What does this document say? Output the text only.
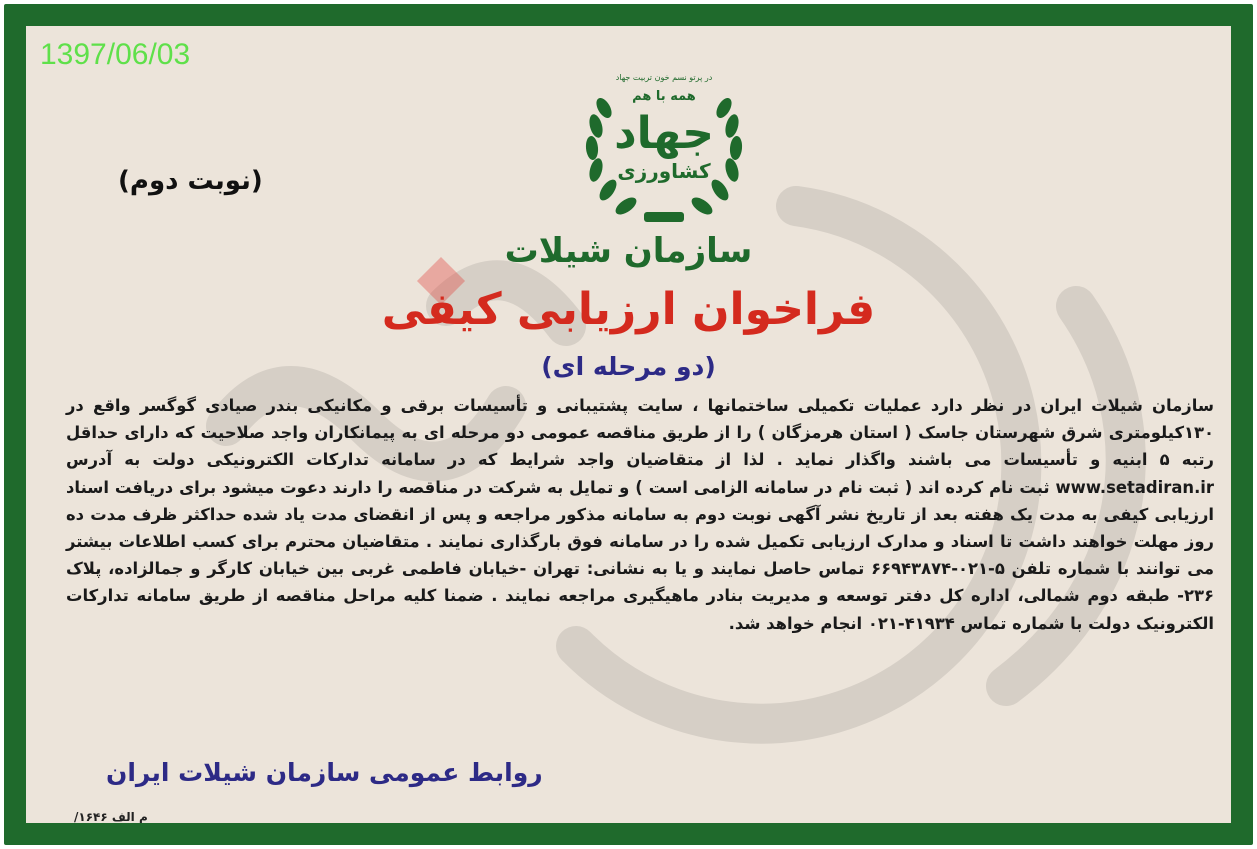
1397/06/03
در پرتو نسم خون تربیت جهاد
همه با هم
جهاد
کشاورزی
(نوبت دوم)
سازمان شیلات
فراخوان ارزیابی کیفی
(دو مرحله ای)
سازمان شیلات ایران در نظر دارد عملیات تکمیلی ساختمانها ، سایت پشتیبانی و تأسیسات برقی و مکانیکی بندر صیادی گوگسر واقع در ۱۳۰کیلومتری شرق شهرستان جاسک ( استان هرمزگان ) را از طریق مناقصه عمومی دو مرحله ای به پیمانکاران واجد صلاحیت که دارای حداقل رتبه ۵ ابنیه و تأسیسات می باشند واگذار نماید . لذا از متقاضیان واجد شرایط که در سامانه تدارکات الکترونیکی دولت به آدرس www.setadiran.ir ثبت نام کرده اند ( ثبت نام در سامانه الزامی است ) و تمایل به شرکت در مناقصه را دارند دعوت میشود برای دریافت اسناد ارزیابی کیفی به مدت یک هفته بعد از تاریخ نشر آگهی نوبت دوم به سامانه مذکور مراجعه و پس از انقضای مدت یاد شده حداکثر ظرف مدت ده روز مهلت خواهند داشت تا اسناد و مدارک ارزیابی تکمیل شده را در سامانه فوق بارگذاری نمایند . متقاضیان محترم برای کسب اطلاعات بیشتر می توانند با شماره تلفن ۵-۰۲۱-۶۶۹۴۳۸۷۴ تماس حاصل نمایند و یا به نشانی: تهران -خیابان فاطمی غربی بین خیابان کارگر و جمالزاده، پلاک ۲۳۶- طبقه دوم شمالی، اداره کل دفتر توسعه و مدیریت بنادر ماهیگیری مراجعه نمایند . ضمنا کلیه مراحل مناقصه از طریق سامانه تدارکات الکترونیک دولت با شماره تماس ۴۱۹۳۴-۰۲۱ انجام خواهد شد.
روابط عمومی سازمان شیلات ایران
م الف ۱۶۴۶/
